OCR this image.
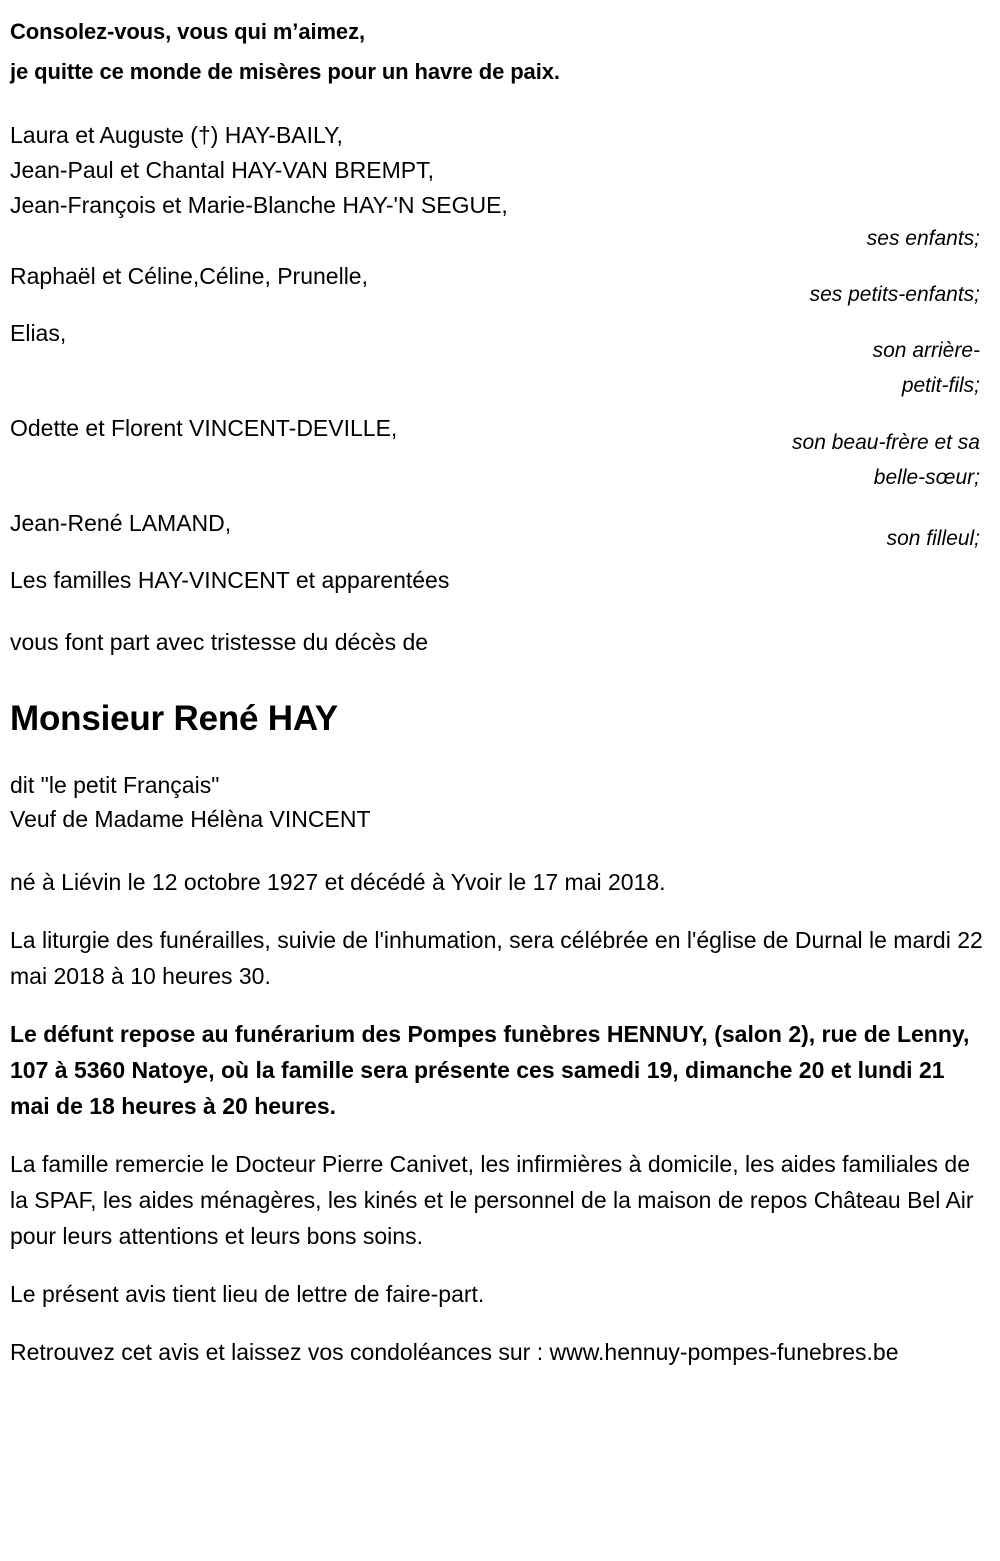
Consolez-vous, vous qui m’aimez,
je quitte ce monde de misères pour un havre de paix.
Laura et Auguste (†) HAY-BAILY,
Jean-Paul et Chantal HAY-VAN BREMPT,
Jean-François et Marie-Blanche HAY-'N SEGUE,
Raphaël et Céline,Céline, Prunelle,
Elias,
Odette et Florent VINCENT-DEVILLE,
Jean-René LAMAND,
Les familles HAY-VINCENT et apparentées
ses enfants;
ses petits-enfants;
son arrière-
petit-fils;
son beau-frère et sa
belle-sœur;
son filleul;
vous font part avec tristesse du décès de
Monsieur René HAY
dit "le petit Français"
Veuf de Madame Hélèna VINCENT
né à Liévin le 12 octobre 1927 et décédé à Yvoir le 17 mai 2018.
La liturgie des funérailles, suivie de l'inhumation, sera célébrée en l'église de Durnal le mardi 22 mai 2018 à 10 heures 30.
Le défunt repose au funérarium des Pompes funèbres HENNUY, (salon 2), rue de Lenny, 107 à 5360 Natoye, où la famille sera présente ces samedi 19, dimanche 20 et lundi 21 mai de 18 heures à 20 heures.
La famille remercie le Docteur Pierre Canivet, les infirmières à domicile, les aides familiales de la SPAF, les aides ménagères, les kinés et le personnel de la maison de repos Château Bel Air pour leurs attentions et leurs bons soins.
Le présent avis tient lieu de lettre de faire-part.
Retrouvez cet avis et laissez vos condoléances sur : www.hennuy-pompes-funebres.be
